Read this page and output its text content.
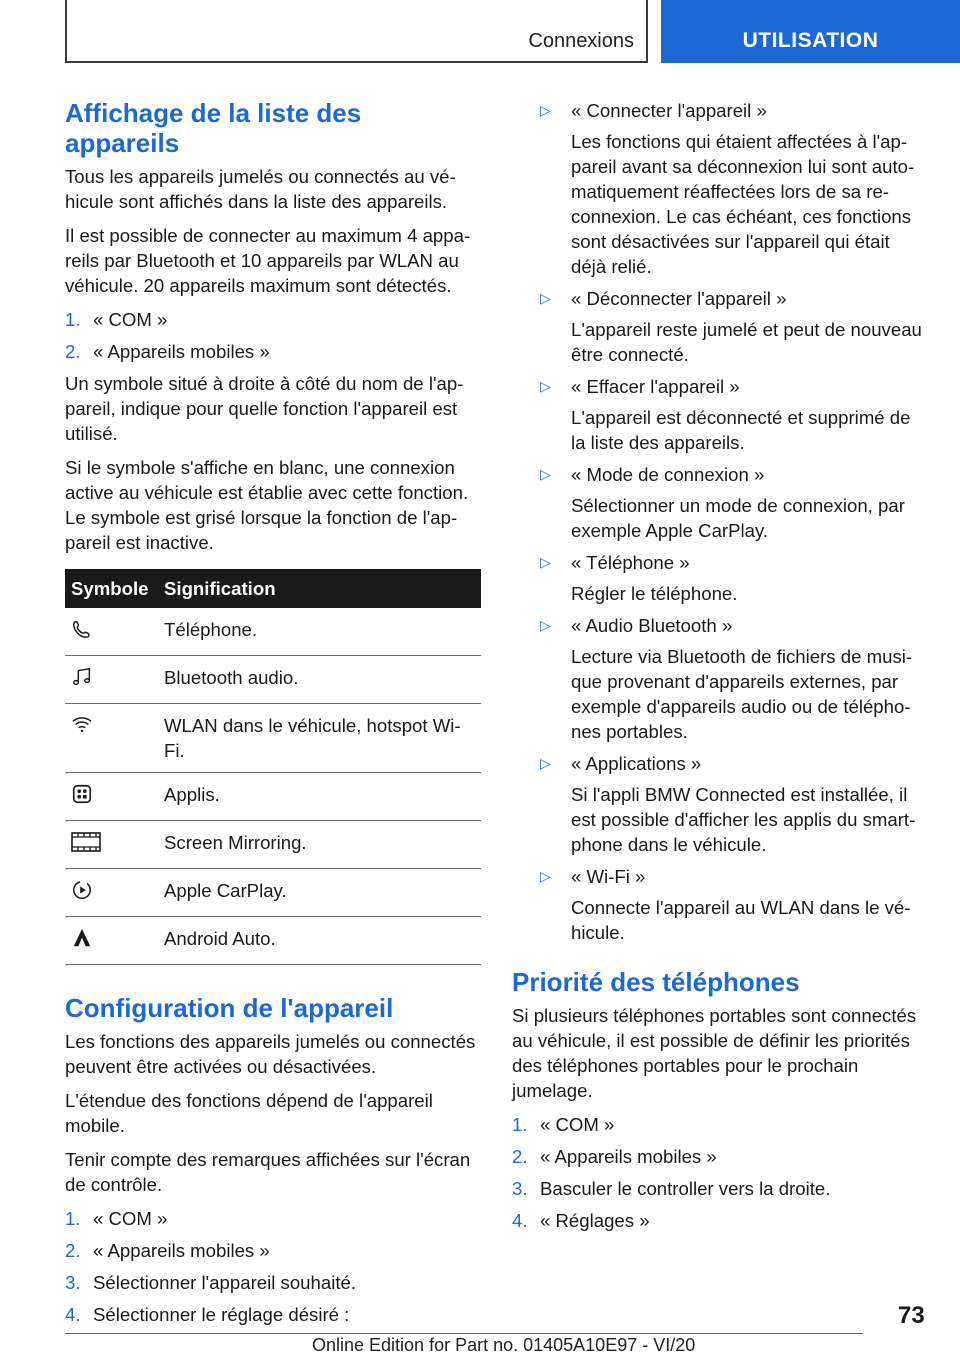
Connexions	UTILISATION
Affichage de la liste des appareils

Tous les appareils jumelés ou connectés au véhicule sont affichés dans la liste des appareils.

Il est possible de connecter au maximum 4 appareils par Bluetooth et 10 appareils par WLAN au véhicule. 20 appareils maximum sont détectés.

1. « COM »
2. « Appareils mobiles »

Un symbole situé à droite à côté du nom de l'appareil, indique pour quelle fonction l'appareil est utilisé.

Si le symbole s'affiche en blanc, une connexion active au véhicule est établie avec cette fonction. Le symbole est grisé lorsque la fonction de l'appareil est inactive.

Symbole	Signification
	Téléphone.
	Bluetooth audio.
	WLAN dans le véhicule, hotspot Wi-Fi.
	Applis.
	Screen Mirroring.
	Apple CarPlay.
	Android Auto.
Configuration de l'appareil

Les fonctions des appareils jumelés ou connectés peuvent être activées ou désactivées.

L'étendue des fonctions dépend de l'appareil mobile.

Tenir compte des remarques affichées sur l'écran de contrôle.

1. « COM »
2. « Appareils mobiles »
3. Sélectionner l'appareil souhaité.
4. Sélectionner le réglage désiré :
▷ « Connecter l'appareil »
Les fonctions qui étaient affectées à l'appareil avant sa déconnexion lui sont automatiquement réaffectées lors de sa reconnexion. Le cas échéant, ces fonctions sont désactivées sur l'appareil qui était déjà relié.
▷ « Déconnecter l'appareil »
L'appareil reste jumelé et peut de nouveau être connecté.
▷ « Effacer l'appareil »
L'appareil est déconnecté et supprimé de la liste des appareils.
▷ « Mode de connexion »
Sélectionner un mode de connexion, par exemple Apple CarPlay.
▷ « Téléphone »
Régler le téléphone.
▷ « Audio Bluetooth »
Lecture via Bluetooth de fichiers de musique provenant d'appareils externes, par exemple d'appareils audio ou de téléphones portables.
▷ « Applications »
Si l'appli BMW Connected est installée, il est possible d'afficher les applis du smartphone dans le véhicule.
▷ « Wi-Fi »
Connecte l'appareil au WLAN dans le véhicule.
Priorité des téléphones

Si plusieurs téléphones portables sont connectés au véhicule, il est possible de définir les priorités des téléphones portables pour le prochain jumelage.

1. « COM »
2. « Appareils mobiles »
3. Basculer le controller vers la droite.
4. « Réglages »
73
Online Edition for Part no. 01405A10E97 - VI/20
